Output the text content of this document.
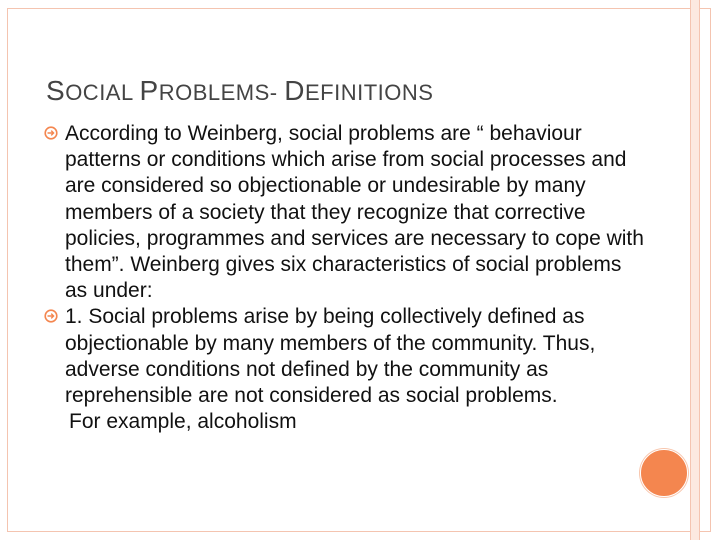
SOCIAL PROBLEMS- DEFINITIONS

According to Weinberg, social problems are “ behaviour patterns or conditions which arise from social processes and are considered so objectionable or undesirable by many members of a society that they recognize that corrective policies, programmes and services are necessary to cope with them”. Weinberg gives six characteristics of social problems as under:

1. Social problems arise by being collectively defined as objectionable by many members of the community. Thus, adverse conditions not defined by the community as reprehensible are not considered as social problems.

For example, alcoholism
